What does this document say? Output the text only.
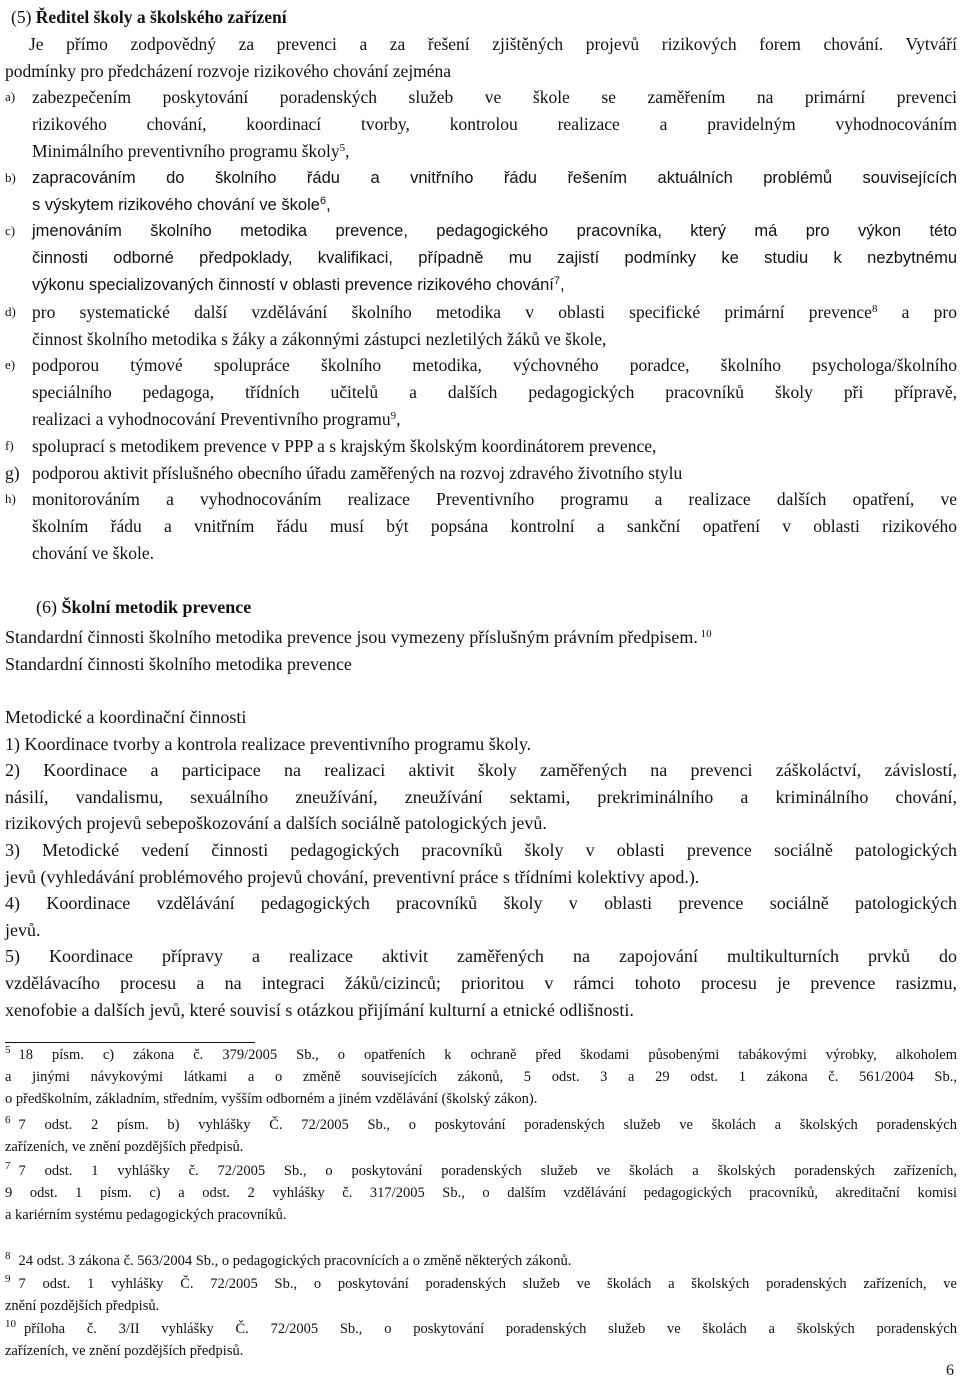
(5) Ředitel školy a školského zařízení

Je přímo zodpovědný za prevenci a za řešení zjištěných projevů rizikových forem chování. Vytváří

podmínky pro předcházení rozvoje rizikového chování zejména

a) zabezpečením poskytování poradenských služeb ve škole se zaměřením na primární prevenci
rizikového chování, koordinací tvorby, kontrolou realizace a pravidelným vyhodnocováním
Minimálního preventivního programu školy$^5$,
b) zapracováním do školního řádu a vnitřního řádu řešením aktuálních problémů souvisejících
s výskytem rizikového chování ve škole$^6$,
c) jmenováním školního metodika prevence, pedagogického pracovníka, který má pro výkon této
činnosti odborné předpoklady, kvalifikaci, případně mu zajistí podmínky ke studiu k nezbytnému
výkonu specializovaných činností v oblasti prevence rizikového chování$^7$,
d) pro systematické další vzdělávání školního metodika v oblasti specifické primární prevence$^8$ a pro
činnost školního metodika s žáky a zákonnými zástupci nezletilých žáků ve škole,
e) podporou týmové spolupráce školního metodika, výchovného poradce, školního psychologa/školního
speciálního pedagoga, třídních učitelů a dalších pedagogických pracovníků školy při přípravě,
realizaci a vyhodnocování Preventivního programu$^9$,
f) spoluprací s metodikem prevence v PPP a s krajským školským koordinátorem prevence,
g) podporou aktivit příslušného obecního úřadu zaměřených na rozvoj zdravého životního stylu
h) monitorováním a vyhodnocováním realizace Preventivního programu a realizace dalších opatření, ve
školním řádu a vnitřním řádu musí být popsána kontrolní a sankční opatření v oblasti rizikového
chování ve škole.

(6) Školní metodik prevence

Standardní činnosti školního metodika prevence jsou vymezeny příslušným právním předpisem. $^{10}$

Standardní činnosti školního metodika prevence

Metodické a koordinační činnosti

1) Koordinace tvorby a kontrola realizace preventivního programu školy.

2) Koordinace a participace na realizaci aktivit školy zaměřených na prevenci záškoláctví, závislostí,

násilí, vandalismu, sexuálního zneužívání, zneužívání sektami, prekriminálního a kriminálního chování,

rizikových projevů sebepoškozování a dalších sociálně patologických jevů.

3) Metodické vedení činnosti pedagogických pracovníků školy v oblasti prevence sociálně patologických

jevů (vyhledávání problémového projevů chování, preventivní práce s třídními kolektivy apod.).

4) Koordinace vzdělávání pedagogických pracovníků školy v oblasti prevence sociálně patologických

jevů.

5) Koordinace přípravy a realizace aktivit zaměřených na zapojování multikulturních prvků do

vzdělávacího procesu a na integraci žáků/cizinců; prioritou v rámci tohoto procesu je prevence rasizmu,

xenofobie a dalších jevů, které souvisí s otázkou přijímání kulturní a etnické odlišnosti.

$^5$ 18 písm. c) zákona č. 379/2005 Sb., o opatřeních k ochraně před škodami působenými tabákovými výrobky, alkoholem

a jinými návykovými látkami a o změně souvisejících zákonů, 5 odst. 3 a 29 odst. 1 zákona č. 561/2004 Sb.,

o předškolním, základním, středním, vyšším odborném a jiném vzdělávání (školský zákon).

$^6$ 7 odst. 2 písm. b) vyhlášky Č. 72/2005 Sb., o poskytování poradenských služeb ve školách a školských poradenských

zařízeních, ve znění pozdějších předpisů.

$^7$ 7 odst. 1 vyhlášky č. 72/2005 Sb., o poskytování poradenských služeb ve školách a školských poradenských zařízeních,

9 odst. 1 písm. c) a odst. 2 vyhlášky č. 317/2005 Sb., o dalším vzdělávání pedagogických pracovníků, akreditační komisi

a kariérním systému pedagogických pracovníků.

$^8$ 24 odst. 3 zákona č. 563/2004 Sb., o pedagogických pracovnících a o změně některých zákonů.

$^9$ 7 odst. 1 vyhlášky Č. 72/2005 Sb., o poskytování poradenských služeb ve školách a školských poradenských zařízeních, ve

znění pozdějších předpisů.

$^{10}$ příloha č. 3/II vyhlášky Č. 72/2005 Sb., o poskytování poradenských služeb ve školách a školských poradenských

zařízeních, ve znění pozdějších předpisů.

6
